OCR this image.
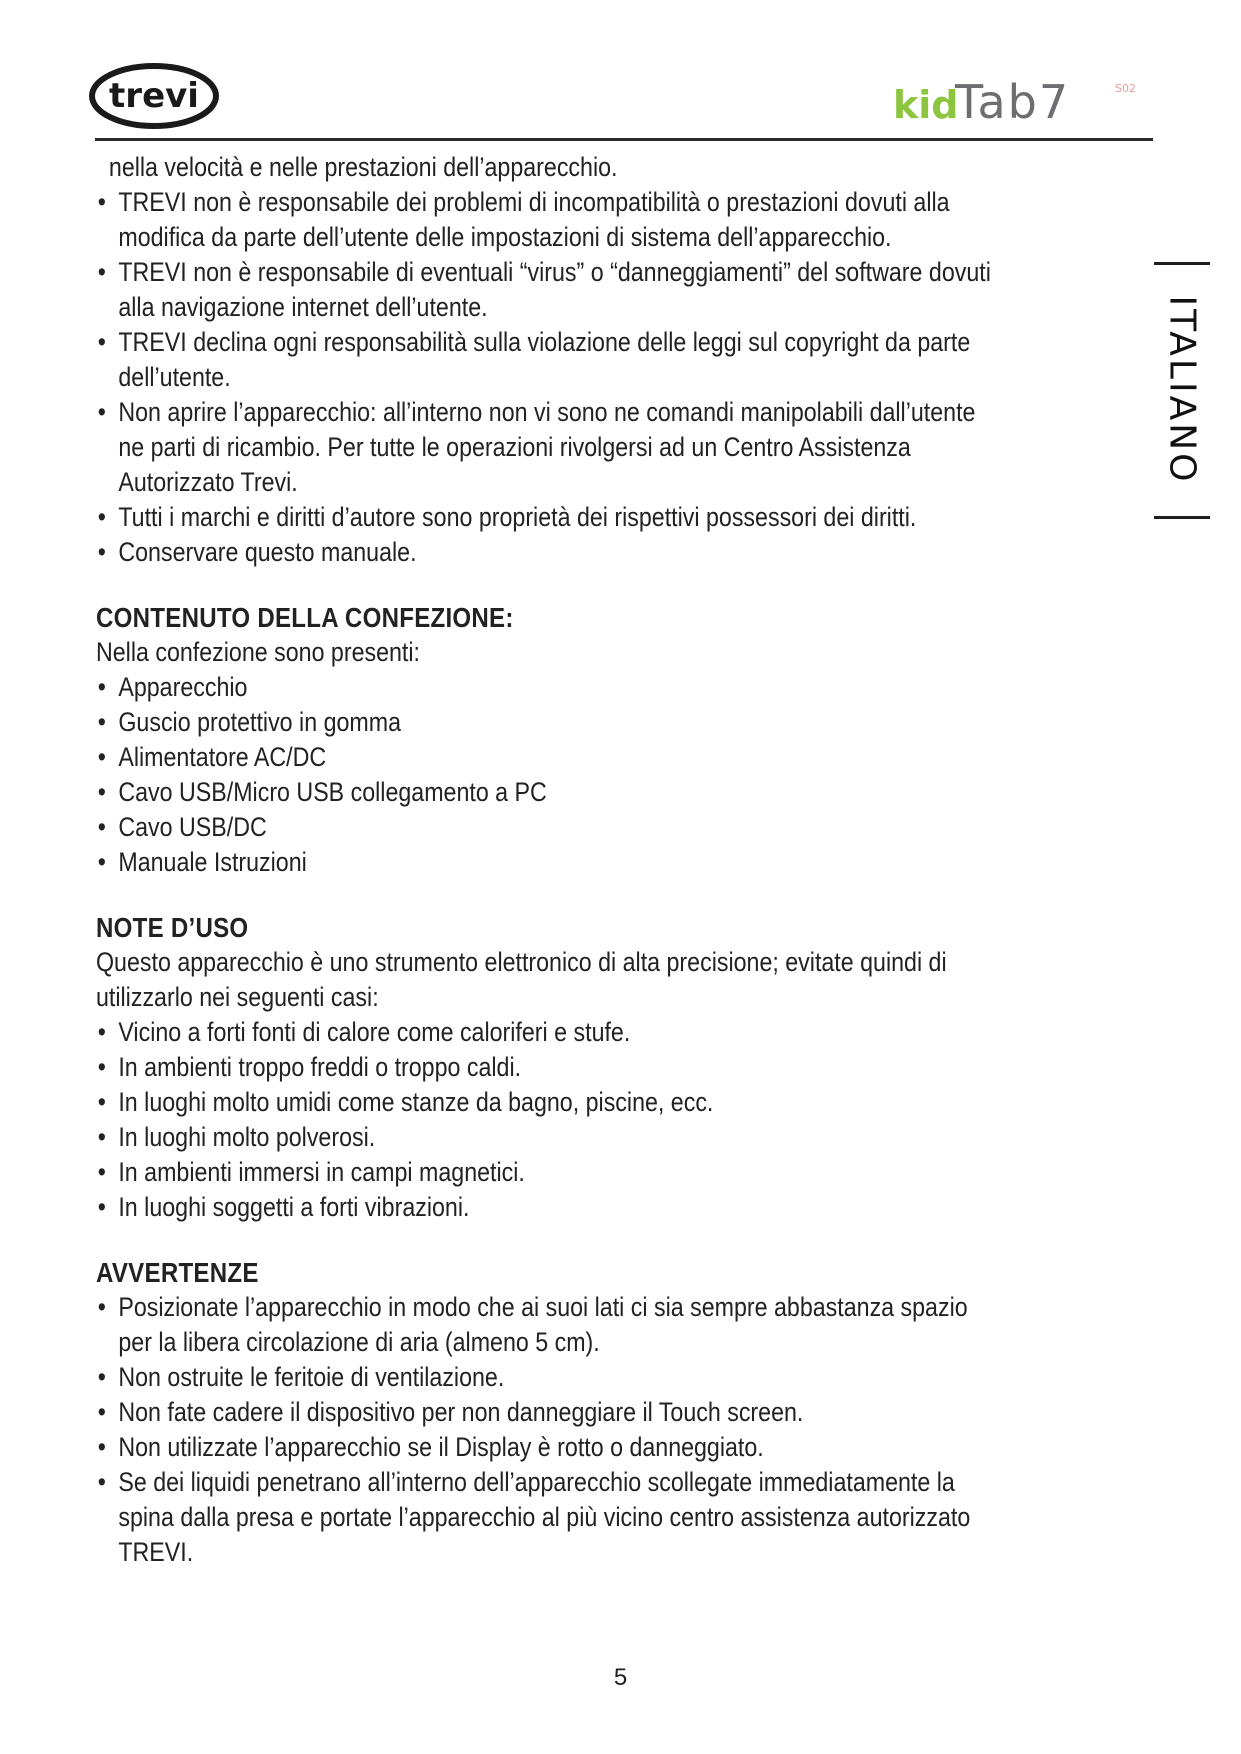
trevi	kid
Tab7	S02
ITALIANO

nella velocità e nelle prestazioni dell’apparecchio.

• TREVI non è responsabile dei problemi di incompatibilità o prestazioni dovuti alla modifica da parte dell’utente delle impostazioni di sistema dell’apparecchio.
• TREVI non è responsabile di eventuali “virus” o “danneggiamenti” del software dovuti alla navigazione internet dell’utente.
• TREVI declina ogni responsabilità sulla violazione delle leggi sul copyright da parte dell’utente.
• Non aprire l’apparecchio: all’interno non vi sono ne comandi manipolabili dall’utente ne parti di ricambio. Per tutte le operazioni rivolgersi ad un Centro Assistenza Autorizzato Trevi.
• Tutti i marchi e diritti d’autore sono proprietà dei rispettivi possessori dei diritti.
• Conservare questo manuale.
CONTENUTO DELLA CONFEZIONE:

Nella confezione sono presenti:

• Apparecchio
• Guscio protettivo in gomma
• Alimentatore AC/DC
• Cavo USB/Micro USB collegamento a PC
• Cavo USB/DC
• Manuale Istruzioni
NOTE D’USO

Questo apparecchio è uno strumento elettronico di alta precisione; evitate quindi di utilizzarlo nei seguenti casi:

• Vicino a forti fonti di calore come caloriferi e stufe.
• In ambienti troppo freddi o troppo caldi.
• In luoghi molto umidi come stanze da bagno, piscine, ecc.
• In luoghi molto polverosi.
• In ambienti immersi in campi magnetici.
• In luoghi soggetti a forti vibrazioni.
AVVERTENZE
• Posizionate l’apparecchio in modo che ai suoi lati ci sia sempre abbastanza spazio per la libera circolazione di aria (almeno 5 cm).
• Non ostruite le feritoie di ventilazione.
• Non fate cadere il dispositivo per non danneggiare il Touch screen.
• Non utilizzate l’apparecchio se il Display è rotto o danneggiato.
• Se dei liquidi penetrano all’interno dell’apparecchio scollegate immediatamente la spina dalla presa e portate l’apparecchio al più vicino centro assistenza autorizzato TREVI.
5
